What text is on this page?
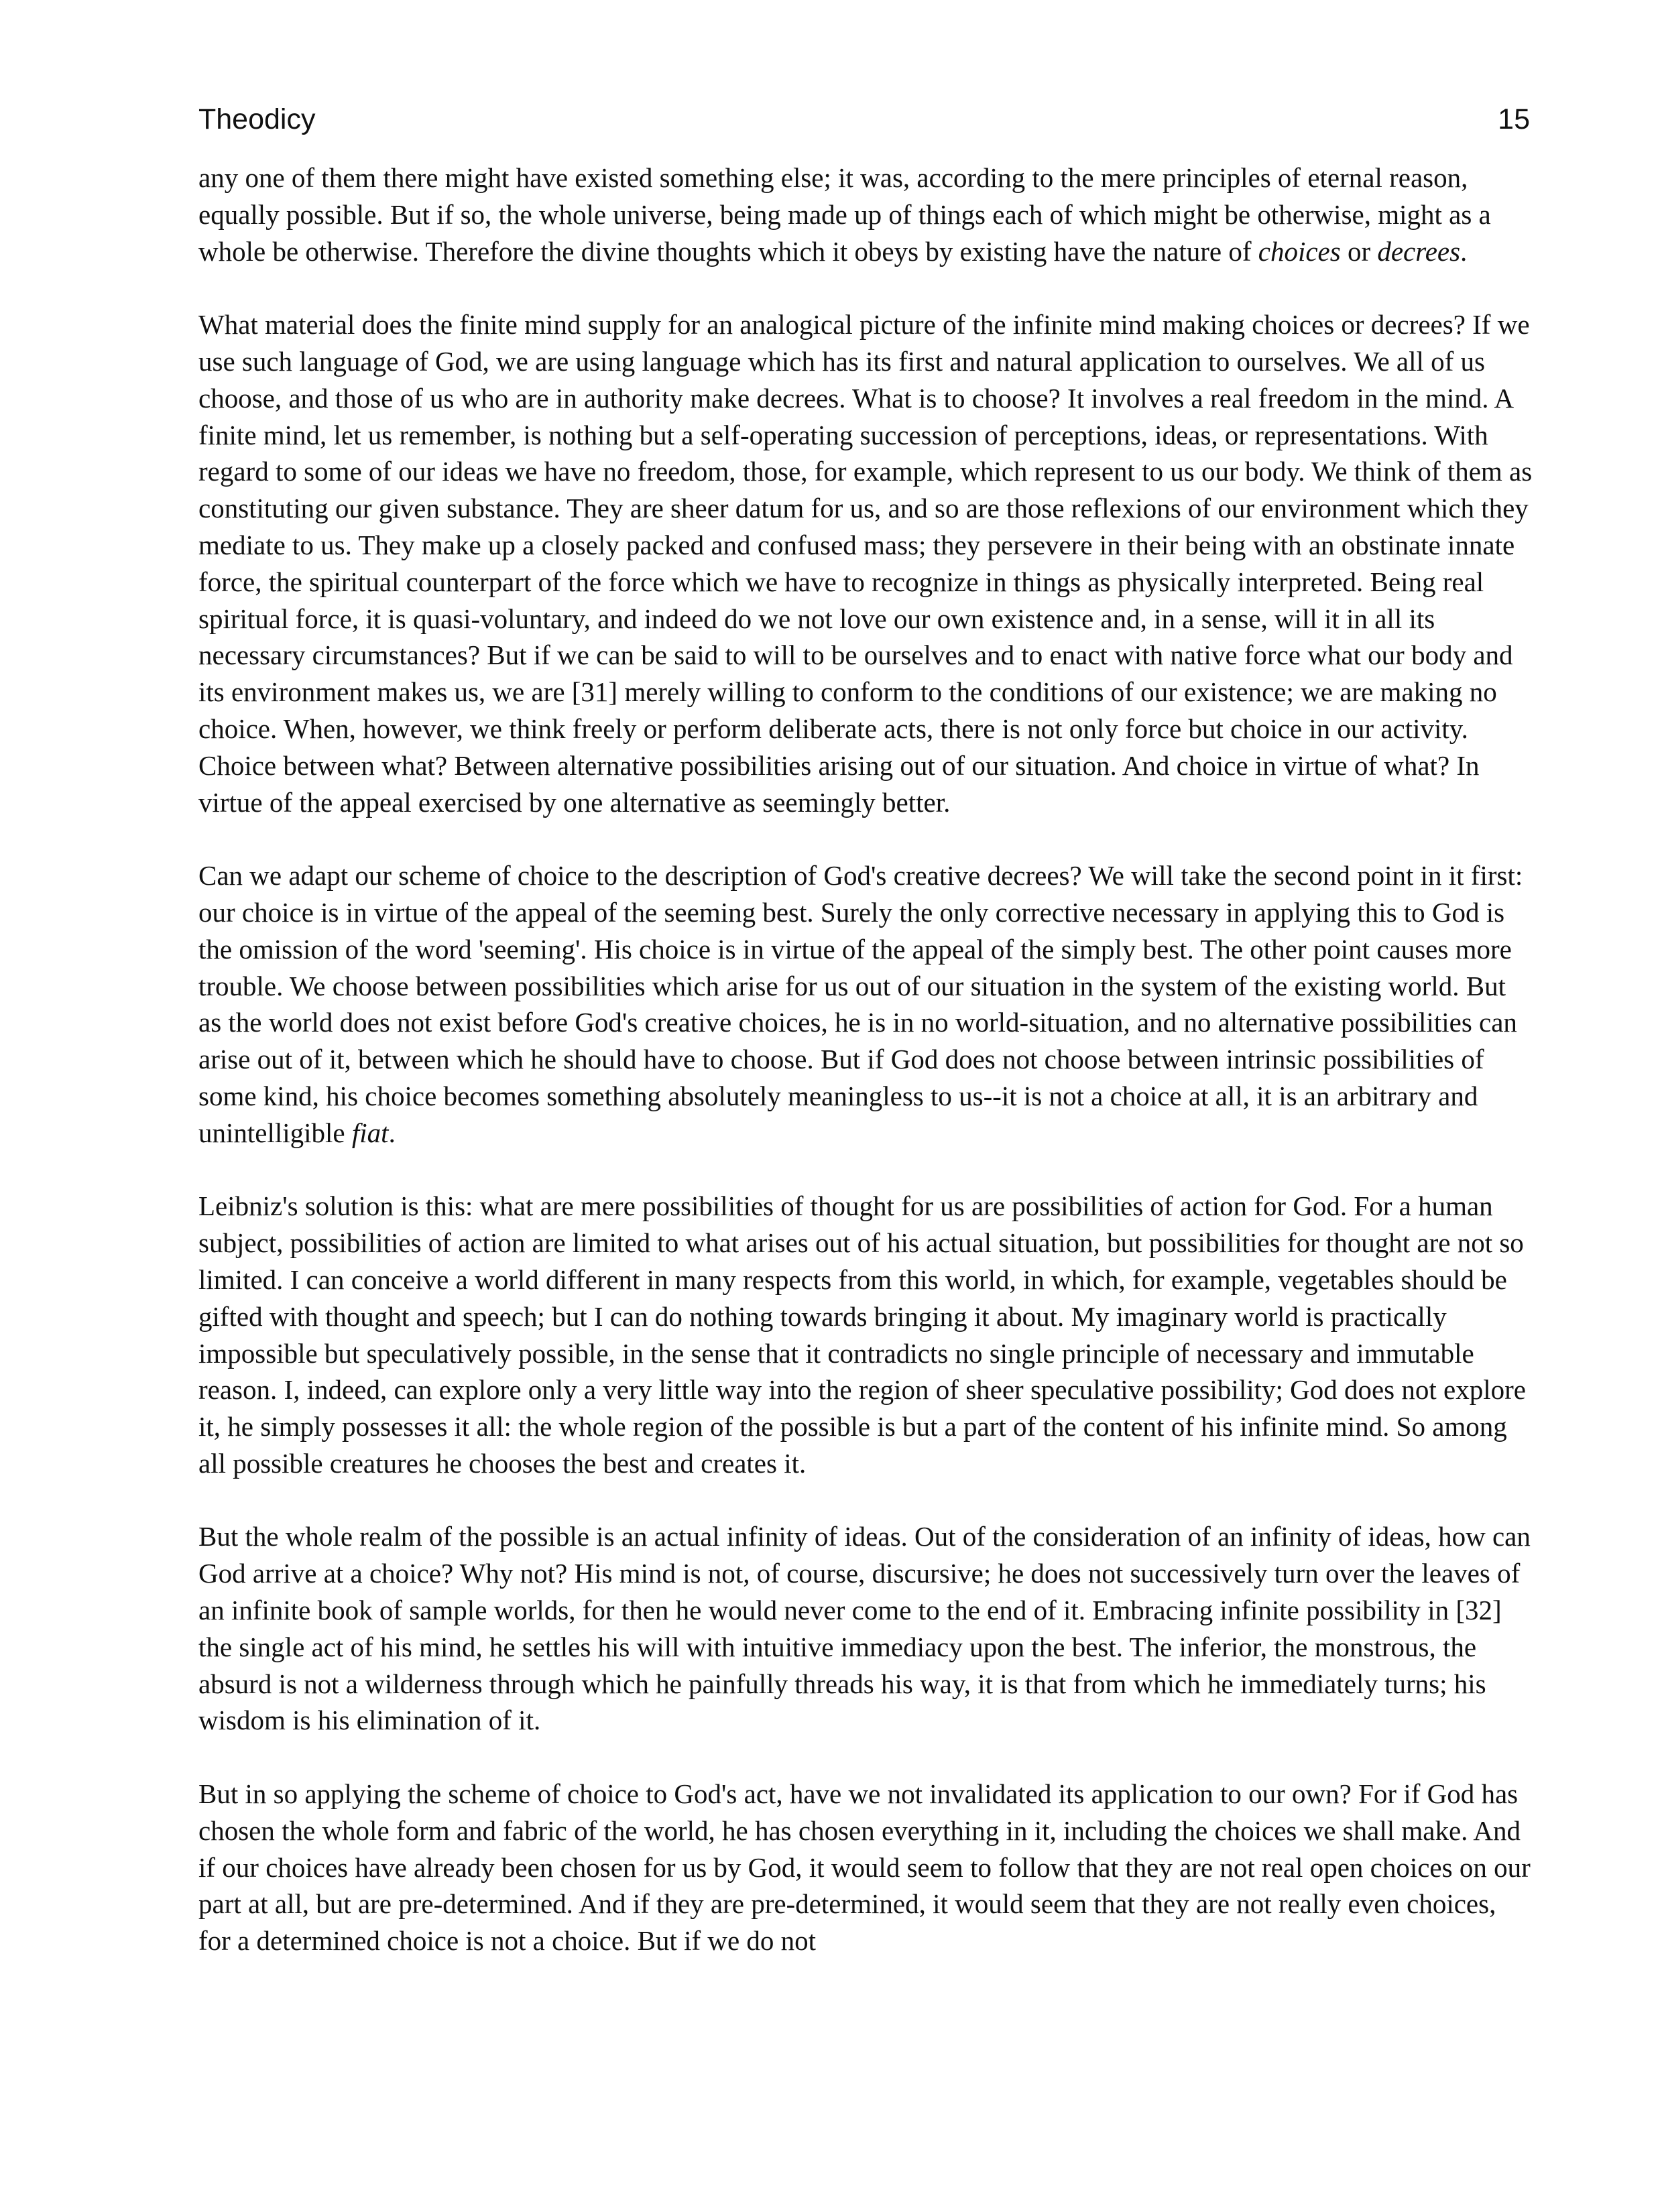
Theodicy	15

any one of them there might have existed something else; it was, according to the mere principles of eternal reason, equally possible. But if so, the whole universe, being made up of things each of which might be otherwise, might as a whole be otherwise. Therefore the divine thoughts which it obeys by existing have the nature of choices or decrees.

What material does the finite mind supply for an analogical picture of the infinite mind making choices or decrees? If we use such language of God, we are using language which has its first and natural application to ourselves. We all of us choose, and those of us who are in authority make decrees. What is to choose? It involves a real freedom in the mind. A finite mind, let us remember, is nothing but a self-operating succession of perceptions, ideas, or representations. With regard to some of our ideas we have no freedom, those, for example, which represent to us our body. We think of them as constituting our given substance. They are sheer datum for us, and so are those reflexions of our environment which they mediate to us. They make up a closely packed and confused mass; they persevere in their being with an obstinate innate force, the spiritual counterpart of the force which we have to recognize in things as physically interpreted. Being real spiritual force, it is quasi-voluntary, and indeed do we not love our own existence and, in a sense, will it in all its necessary circumstances? But if we can be said to will to be ourselves and to enact with native force what our body and its environment makes us, we are [31] merely willing to conform to the conditions of our existence; we are making no choice. When, however, we think freely or perform deliberate acts, there is not only force but choice in our activity. Choice between what? Between alternative possibilities arising out of our situation. And choice in virtue of what? In virtue of the appeal exercised by one alternative as seemingly better.

Can we adapt our scheme of choice to the description of God's creative decrees? We will take the second point in it first: our choice is in virtue of the appeal of the seeming best. Surely the only corrective necessary in applying this to God is the omission of the word 'seeming'. His choice is in virtue of the appeal of the simply best. The other point causes more trouble. We choose between possibilities which arise for us out of our situation in the system of the existing world. But as the world does not exist before God's creative choices, he is in no world-situation, and no alternative possibilities can arise out of it, between which he should have to choose. But if God does not choose between intrinsic possibilities of some kind, his choice becomes something absolutely meaningless to us--it is not a choice at all, it is an arbitrary and unintelligible fiat.

Leibniz's solution is this: what are mere possibilities of thought for us are possibilities of action for God. For a human subject, possibilities of action are limited to what arises out of his actual situation, but possibilities for thought are not so limited. I can conceive a world different in many respects from this world, in which, for example, vegetables should be gifted with thought and speech; but I can do nothing towards bringing it about. My imaginary world is practically impossible but speculatively possible, in the sense that it contradicts no single principle of necessary and immutable reason. I, indeed, can explore only a very little way into the region of sheer speculative possibility; God does not explore it, he simply possesses it all: the whole region of the possible is but a part of the content of his infinite mind. So among all possible creatures he chooses the best and creates it.

But the whole realm of the possible is an actual infinity of ideas. Out of the consideration of an infinity of ideas, how can God arrive at a choice? Why not? His mind is not, of course, discursive; he does not successively turn over the leaves of an infinite book of sample worlds, for then he would never come to the end of it. Embracing infinite possibility in [32] the single act of his mind, he settles his will with intuitive immediacy upon the best. The inferior, the monstrous, the absurd is not a wilderness through which he painfully threads his way, it is that from which he immediately turns; his wisdom is his elimination of it.

But in so applying the scheme of choice to God's act, have we not invalidated its application to our own? For if God has chosen the whole form and fabric of the world, he has chosen everything in it, including the choices we shall make. And if our choices have already been chosen for us by God, it would seem to follow that they are not real open choices on our part at all, but are pre-determined. And if they are pre-determined, it would seem that they are not really even choices, for a determined choice is not a choice. But if we do not
